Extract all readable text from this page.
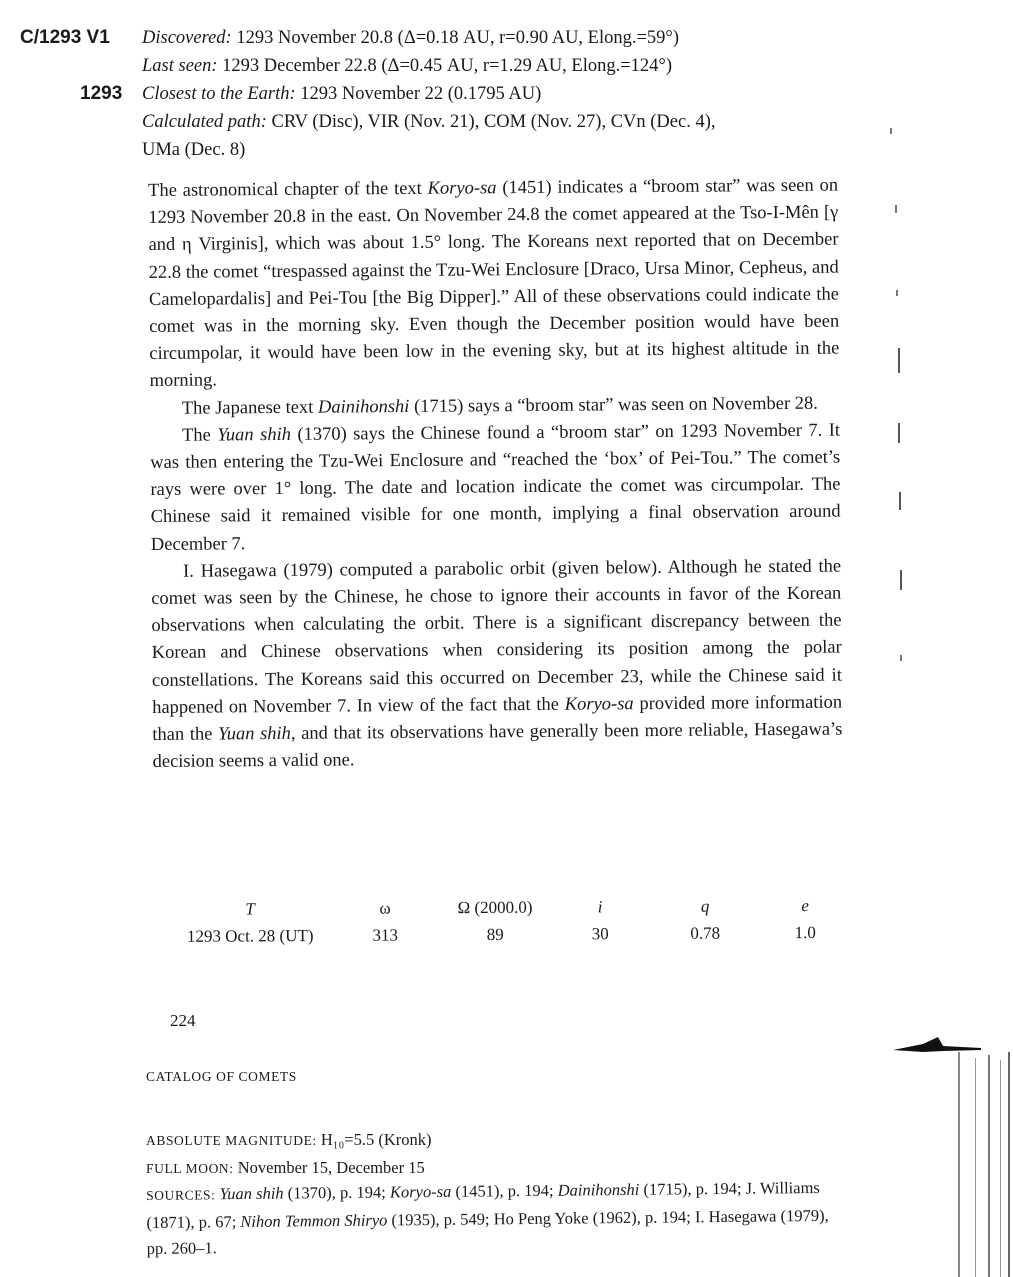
C/1293 V1
1293
Discovered: 1293 November 20.8 (Δ=0.18 AU, r=0.90 AU, Elong.=59°)
Last seen: 1293 December 22.8 (Δ=0.45 AU, r=1.29 AU, Elong.=124°)
Closest to the Earth: 1293 November 22 (0.1795 AU)
Calculated path: CRV (Disc), VIR (Nov. 21), COM (Nov. 27), CVn (Dec. 4),
UMa (Dec. 8)

The astronomical chapter of the text Koryo-sa (1451) indicates a “broom star” was seen on 1293 November 20.8 in the east. On November 24.8 the comet appeared at the Tso-I-Mên [γ and η Virginis], which was about 1.5° long. The Koreans next reported that on December 22.8 the comet “trespassed against the Tzu-Wei Enclosure [Draco, Ursa Minor, Cepheus, and Camelopardalis] and Pei-Tou [the Big Dipper].” All of these observations could indicate the comet was in the morning sky. Even though the December position would have been circumpolar, it would have been low in the evening sky, but at its highest altitude in the morning.

The Japanese text Dainihonshi (1715) says a “broom star” was seen on November 28.

The Yuan shih (1370) says the Chinese found a “broom star” on 1293 November 7. It was then entering the Tzu-Wei Enclosure and “reached the ‘box’ of Pei-Tou.” The comet’s rays were over 1° long. The date and location indicate the comet was circumpolar. The Chinese said it remained visible for one month, implying a final observation around December 7.

I. Hasegawa (1979) computed a parabolic orbit (given below). Although he stated the comet was seen by the Chinese, he chose to ignore their accounts in favor of the Korean observations when calculating the orbit. There is a significant discrepancy between the Korean and Chinese observations when considering its position among the polar constellations. The Koreans said this occurred on December 23, while the Chinese said it happened on November 7. In view of the fact that the Koryo-sa provided more information than the Yuan shih, and that its observations have generally been more reliable, Hasegawa’s decision seems a valid one.

T	ω	Ω (2000.0)	i	q	e
1293 Oct. 28 (UT)	313	89	30	0.78	1.0
224
CATALOG OF COMETS
ABSOLUTE MAGNITUDE: H₁₀=5.5 (Kronk)
FULL MOON: November 15, December 15
SOURCES: Yuan shih (1370), p. 194; Koryo-sa (1451), p. 194; Dainihonshi (1715), p. 194; J. Williams (1871), p. 67; Nihon Temmon Shiryo (1935), p. 549; Ho Peng Yoke (1962), p. 194; I. Hasegawa (1979), pp. 260–1.
